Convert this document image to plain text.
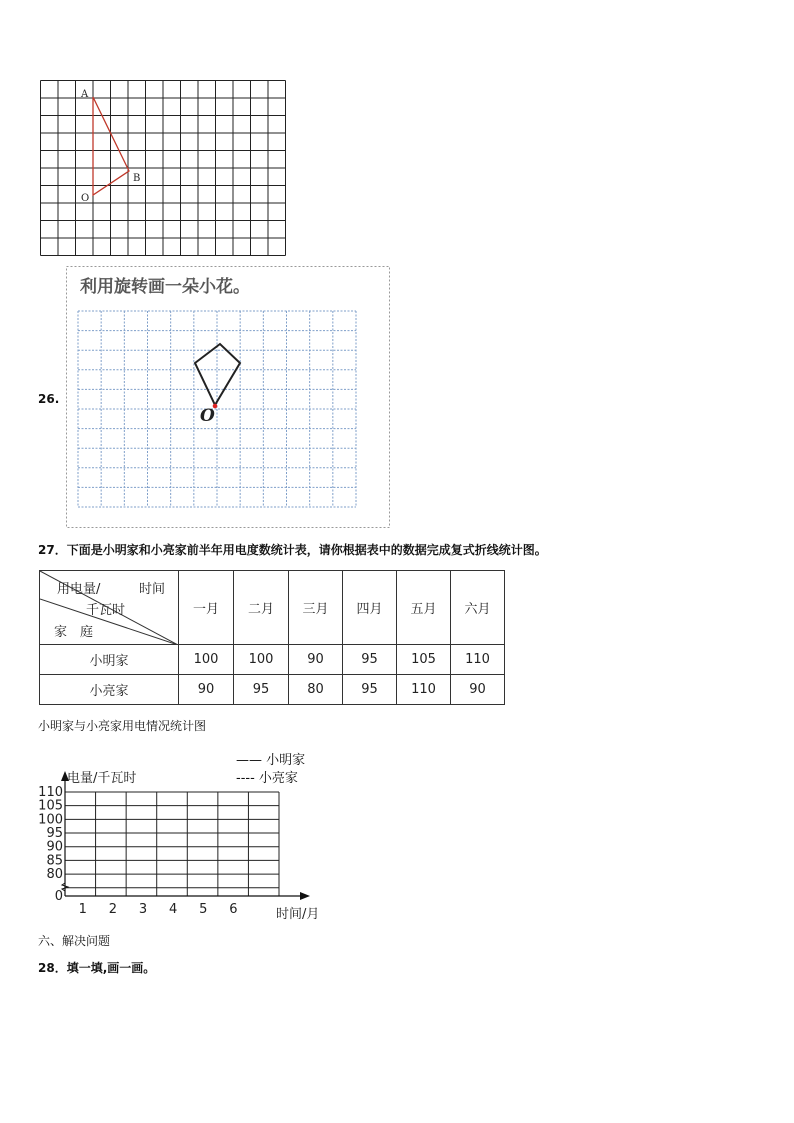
A
B
O
26.
利用旋转画一朵小花。
O
27．下面是小明家和小亮家前半年用电度数统计表，请你根据表中的数据完成复式折线统计图。
用电量/ 时间
千瓦时
家　庭	一月	二月	三月	四月	五月	六月
小明家	100	100	90	95	105	110
小亮家	90	95	80	95	110	90
小明家与小亮家用电情况统计图
—— 小明家
---- 小亮家
电量/千瓦时
时间/月
110
105
100
95
90
85
80
0
1 2 3 4 5 6
六、解决问题
28．填一填,画一画。
